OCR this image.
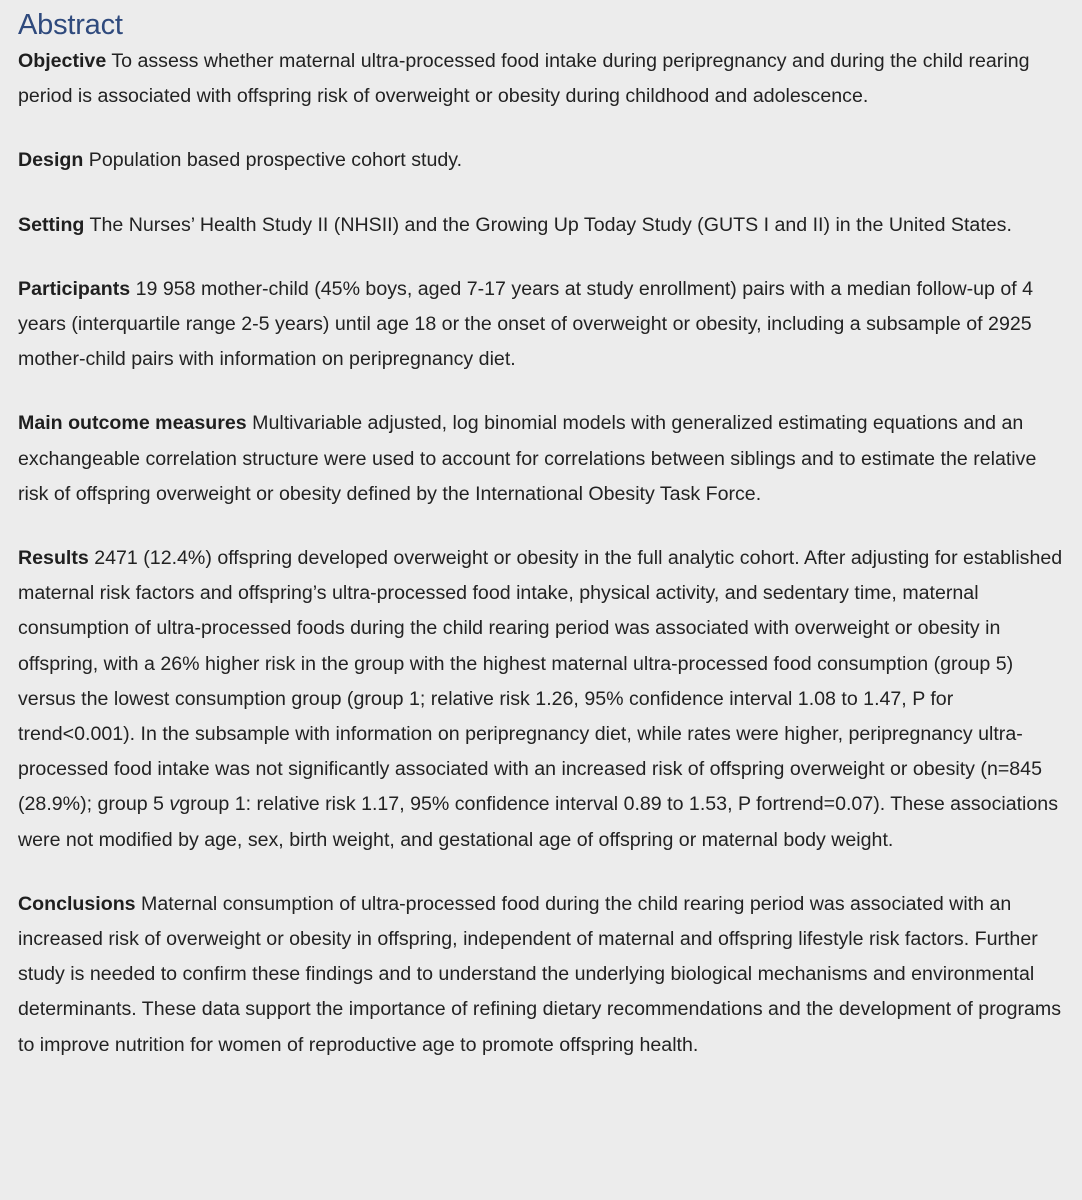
Abstract

Objective To assess whether maternal ultra-processed food intake during peripregnancy and during the child rearing period is associated with offspring risk of overweight or obesity during childhood and adolescence.

Design Population based prospective cohort study.

Setting The Nurses’ Health Study II (NHSII) and the Growing Up Today Study (GUTS I and II) in the United States.

Participants 19 958 mother-child (45% boys, aged 7-17 years at study enrollment) pairs with a median follow-up of 4 years (interquartile range 2-5 years) until age 18 or the onset of overweight or obesity, including a subsample of 2925 mother-child pairs with information on peripregnancy diet.

Main outcome measures Multivariable adjusted, log binomial models with generalized estimating equations and an exchangeable correlation structure were used to account for correlations between siblings and to estimate the relative risk of offspring overweight or obesity defined by the International Obesity Task Force.

Results 2471 (12.4%) offspring developed overweight or obesity in the full analytic cohort. After adjusting for established maternal risk factors and offspring’s ultra-processed food intake, physical activity, and sedentary time, maternal consumption of ultra-processed foods during the child rearing period was associated with overweight or obesity in offspring, with a 26% higher risk in the group with the highest maternal ultra-processed food consumption (group 5) versus the lowest consumption group (group 1; relative risk 1.26, 95% confidence interval 1.08 to 1.47, P for trend<0.001). In the subsample with information on peripregnancy diet, while rates were higher, peripregnancy ultra-processed food intake was not significantly associated with an increased risk of offspring overweight or obesity (n=845 (28.9%); group 5 vgroup 1: relative risk 1.17, 95% confidence interval 0.89 to 1.53, P fortrend=0.07). These associations were not modified by age, sex, birth weight, and gestational age of offspring or maternal body weight.

Conclusions Maternal consumption of ultra-processed food during the child rearing period was associated with an increased risk of overweight or obesity in offspring, independent of maternal and offspring lifestyle risk factors. Further study is needed to confirm these findings and to understand the underlying biological mechanisms and environmental determinants. These data support the importance of refining dietary recommendations and the development of programs to improve nutrition for women of reproductive age to promote offspring health.
